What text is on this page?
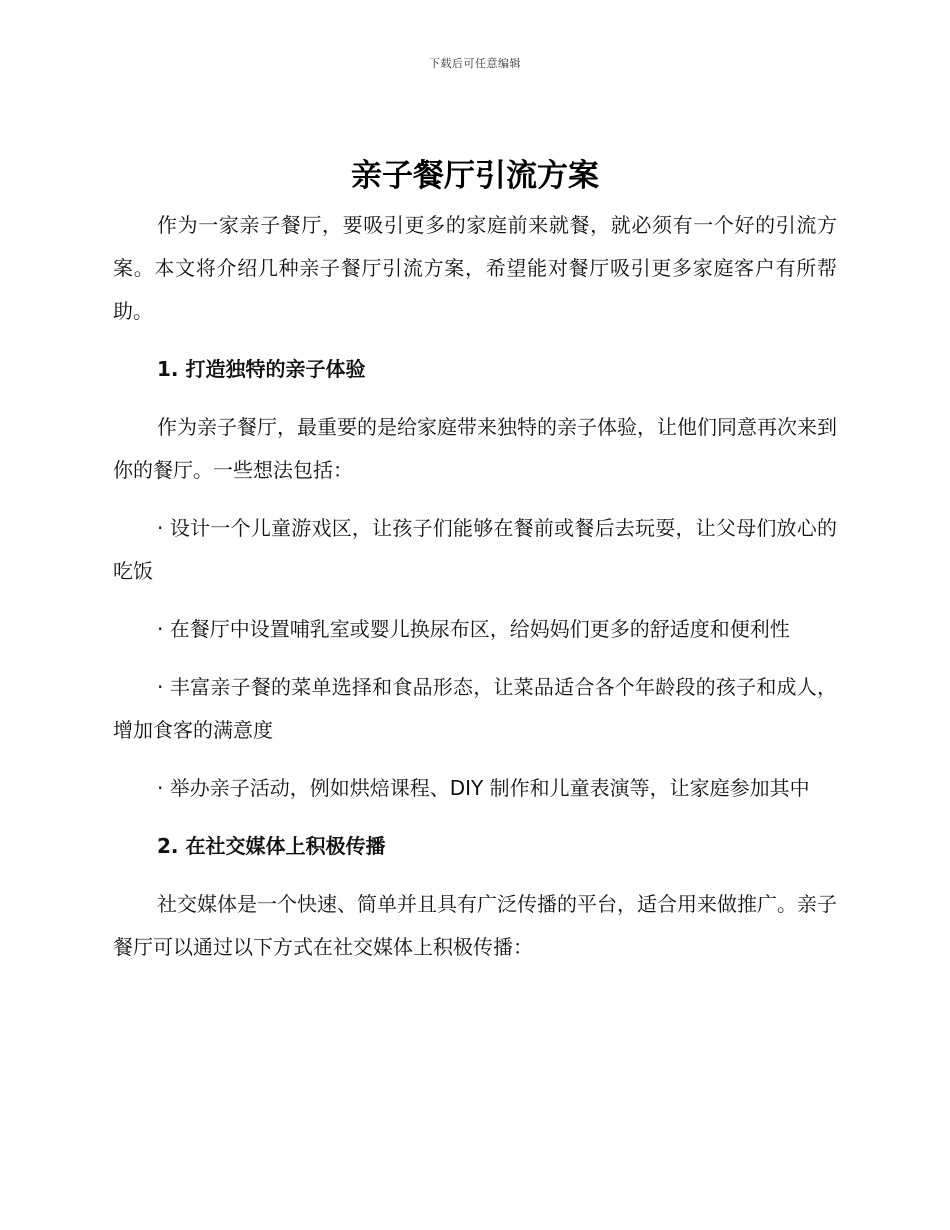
下载后可任意编辑
亲子餐厅引流方案

作为一家亲子餐厅，要吸引更多的家庭前来就餐，就必须有一个好的引流方案。本文将介绍几种亲子餐厅引流方案，希望能对餐厅吸引更多家庭客户有所帮助。

1. 打造独特的亲子体验

作为亲子餐厅，最重要的是给家庭带来独特的亲子体验，让他们同意再次来到你的餐厅。一些想法包括：

· 设计一个儿童游戏区，让孩子们能够在餐前或餐后去玩耍，让父母们放心的吃饭

· 在餐厅中设置哺乳室或婴儿换尿布区，给妈妈们更多的舒适度和便利性

· 丰富亲子餐的菜单选择和食品形态，让菜品适合各个年龄段的孩子和成人，增加食客的满意度

· 举办亲子活动，例如烘焙课程、DIY 制作和儿童表演等，让家庭参加其中

2. 在社交媒体上积极传播

社交媒体是一个快速、简单并且具有广泛传播的平台，适合用来做推广。亲子餐厅可以通过以下方式在社交媒体上积极传播：
